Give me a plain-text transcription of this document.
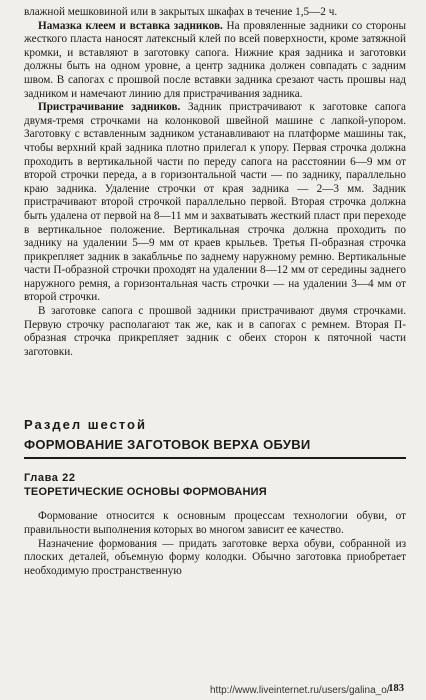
влажной мешковиной или в закрытых шкафах в течение 1,5—2 ч.

Намазка клеем и вставка задников. На провяленные задники со стороны жесткого пласта наносят латексный клей по всей поверхности, кроме затяжной кромки, и вставляют в заготовку сапога. Нижние края задника и заготовки должны быть на одном уровне, а центр задника должен совпадать с задним швом. В сапогах с прошвой после вставки задника срезают часть прошвы над задником и намечают линию для пристрачивания задника.

Пристрачивание задников. Задник пристрачивают к заготовке сапога двумя-тремя строчками на колонковой швейной машине с лапкой-упором. Заготовку с вставленным задником устанавливают на платформе машины так, чтобы верхний край задника плотно прилегал к упору. Первая строчка должна проходить в вертикальной части по переду сапога на расстоянии 6—9 мм от второй строчки переда, а в горизонтальной части — по заднику, параллельно краю задника. Удаление строчки от края задника — 2—3 мм. Задник пристрачивают второй строчкой параллельно первой. Вторая строчка должна быть удалена от первой на 8—11 мм и захватывать жесткий пласт при переходе в вертикальное положение. Вертикальная строчка должна проходить по заднику на удалении 5—9 мм от краев крыльев. Третья П-образная строчка прикрепляет задник в закабльчье по заднему наружному ремню. Вертикальные части П-образной строчки проходят на удалении 8—12 мм от середины заднего наружного ремня, а горизонтальная часть строчки — на удалении 3—4 мм от второй строчки.

В заготовке сапога с прошвой задники пристрачивают двумя строчками. Первую строчку располагают так же, как и в сапогах с ремнем. Вторая П-образная строчка прикрепляет задник с обеих сторон к пяточной части заготовки.

Раздел шестой
ФОРМОВАНИЕ ЗАГОТОВОК ВЕРХА ОБУВИ
Глава 22
ТЕОРЕТИЧЕСКИЕ ОСНОВЫ ФОРМОВАНИЯ

Формование относится к основным процессам технологии обуви, от правильности выполнения которых во многом зависит ее качество.

Назначение формования — придать заготовке верха обуви, собранной из плоских деталей, объемную форму колодки. Обычно заготовка приобретает необходимую пространственную

http://www.liveinternet.ru/users/galina_o/
183
